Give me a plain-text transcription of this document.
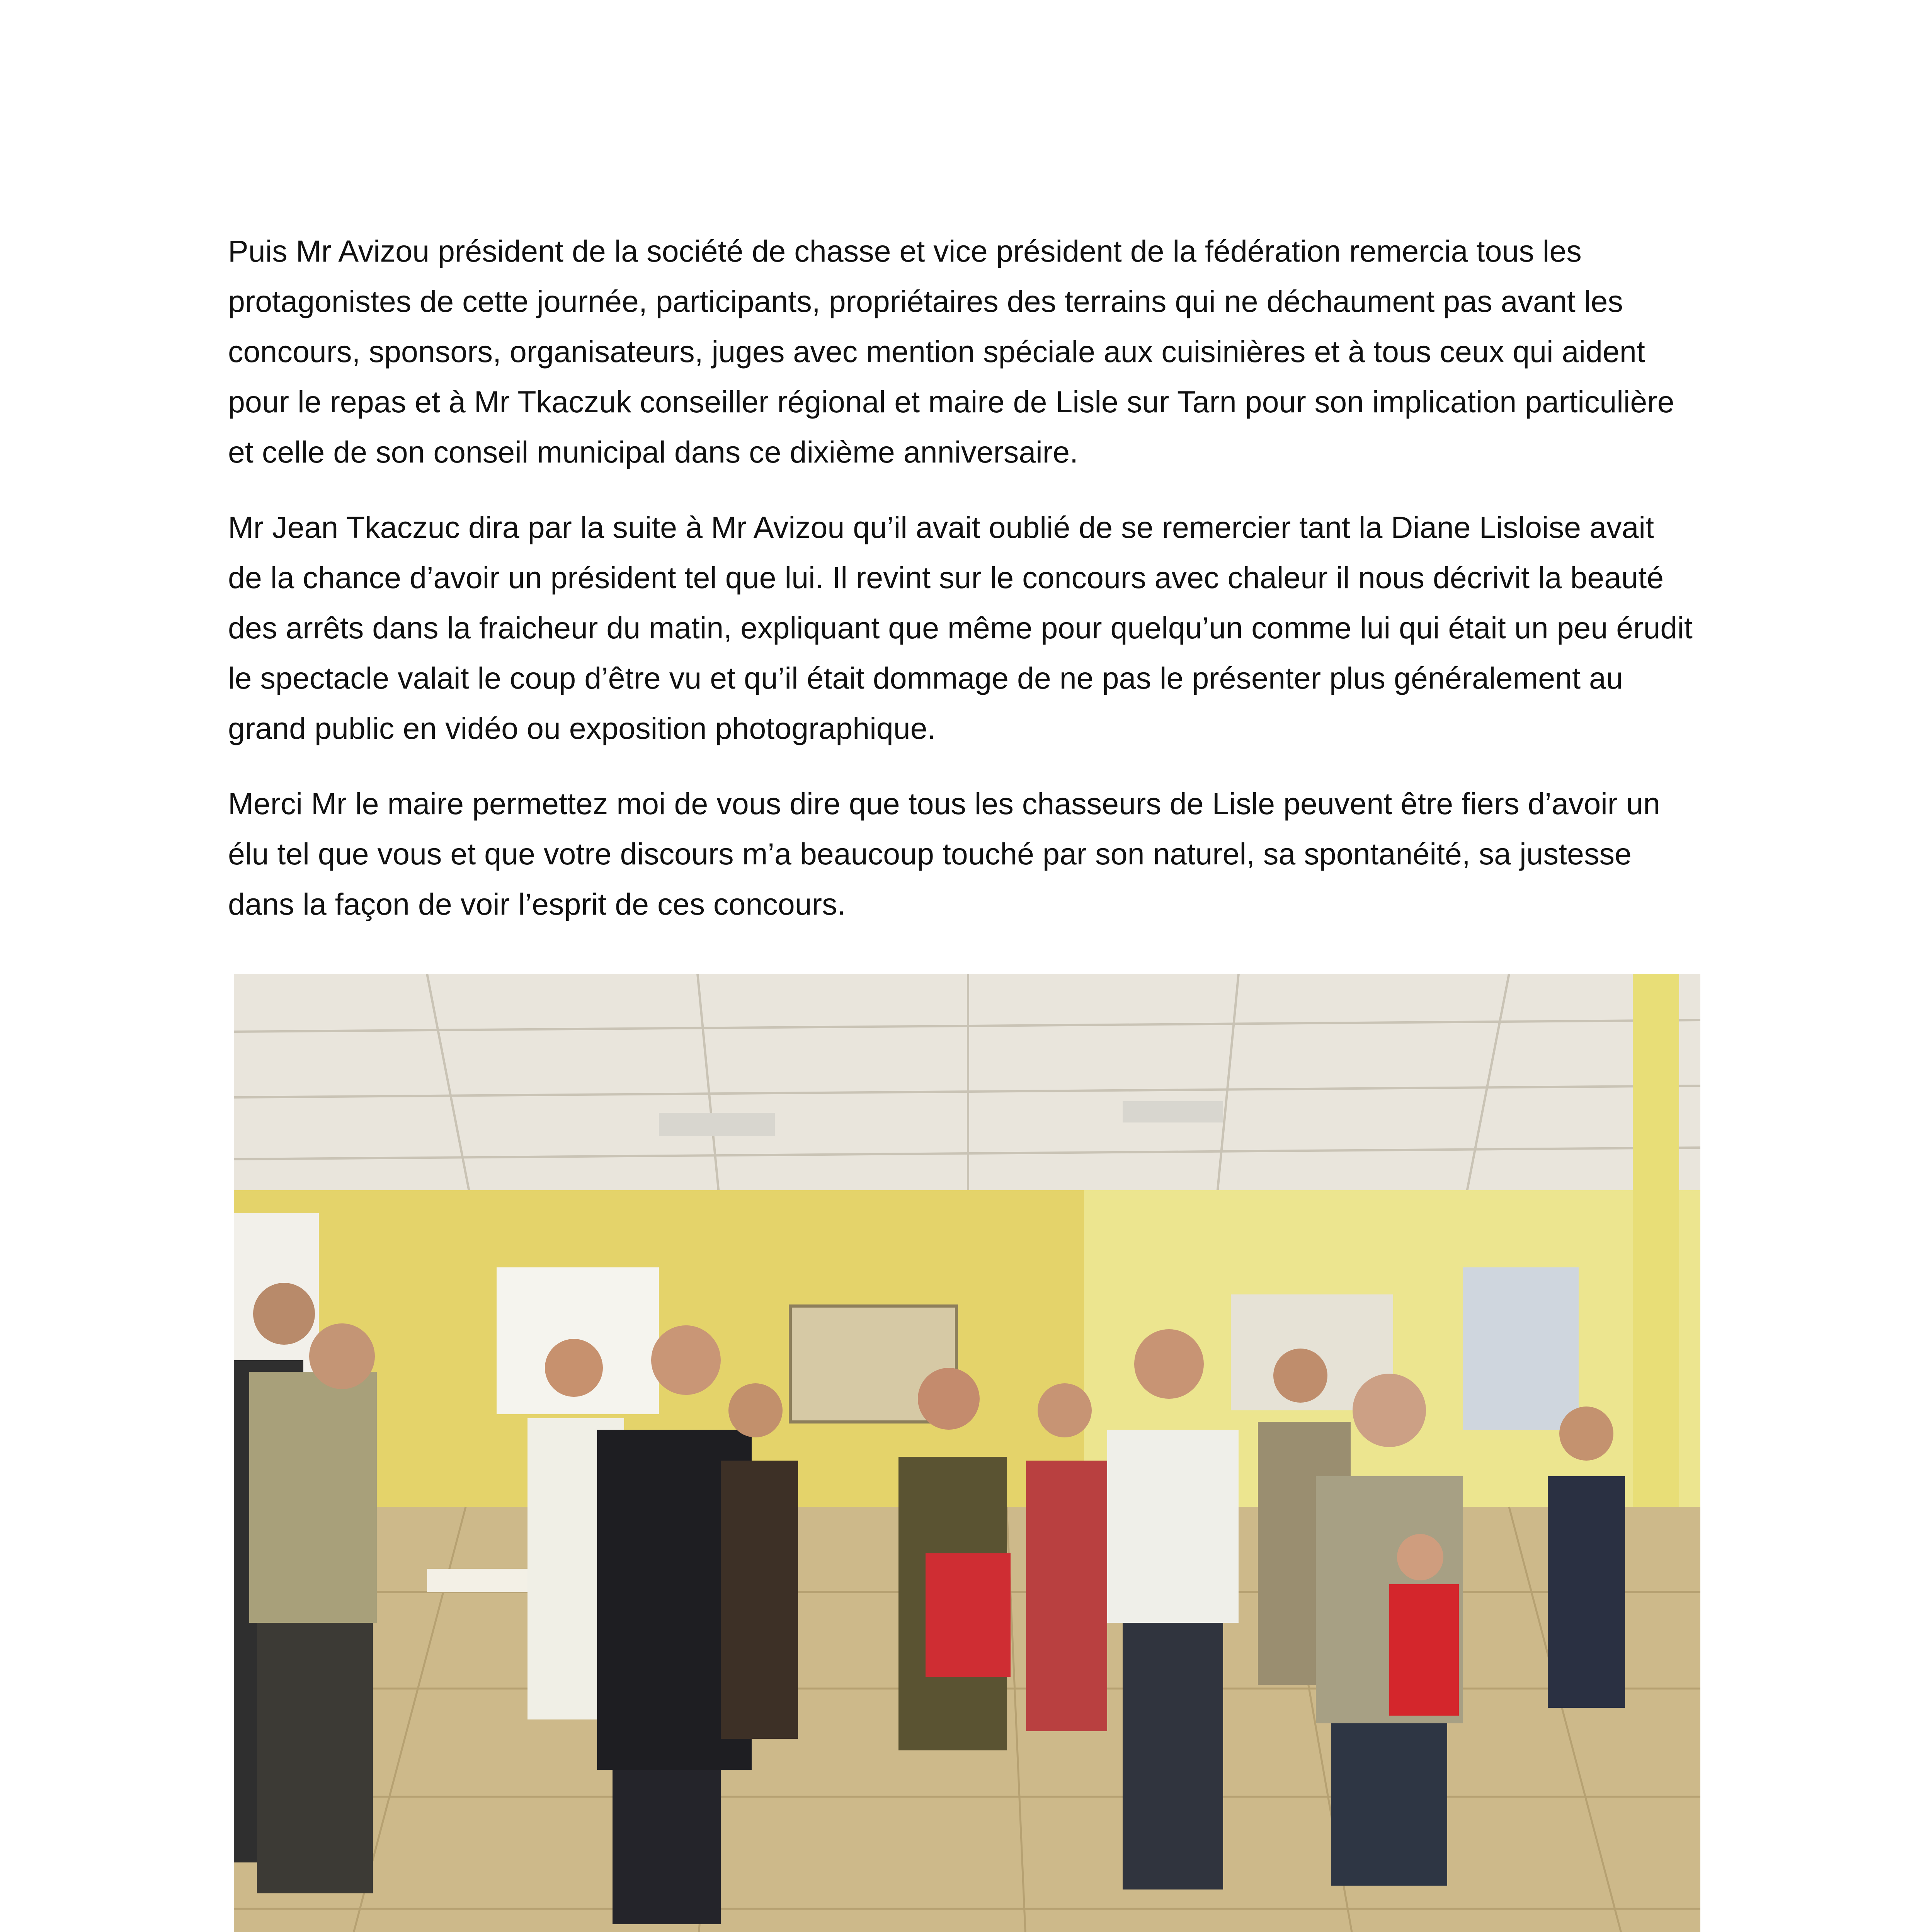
Puis Mr Avizou président de la société de chasse et vice président de la fédération remercia tous les protagonistes de cette journée, participants, propriétaires des terrains qui ne déchaument pas avant les concours, sponsors, organisateurs, juges avec mention spéciale aux cuisinières et à tous ceux qui aident pour le repas et à Mr Tkaczuk conseiller régional et maire de Lisle sur Tarn pour son implication particulière et celle de son conseil municipal dans ce dixième anniversaire.

Mr Jean Tkaczuc dira par la suite à Mr Avizou qu’il avait oublié de se remercier tant la Diane Lisloise avait de la chance d’avoir un président tel que lui. Il revint sur le concours avec chaleur il nous décrivit la beauté des arrêts dans la fraicheur du matin, expliquant que même pour quelqu’un comme lui qui était un peu érudit le spectacle valait le coup d’être vu et qu’il était dommage de ne pas le présenter plus généralement au grand public en vidéo ou exposition photographique.

Merci Mr le maire permettez moi de vous dire que tous les chasseurs de Lisle peuvent être fiers d’avoir un élu tel que vous et que votre discours m’a beaucoup touché par son naturel, sa spontanéité, sa justesse dans la façon de voir l’esprit de ces concours.
